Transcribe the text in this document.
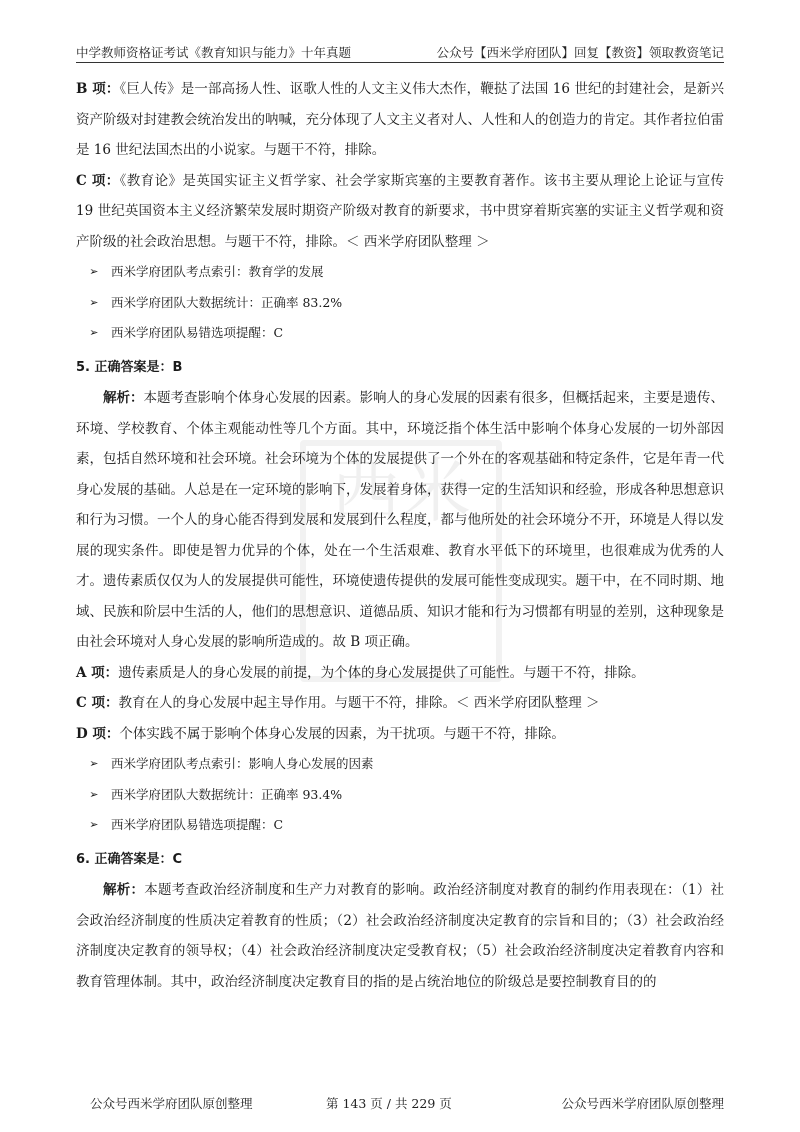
中学教师资格证考试《教育知识与能力》十年真题	公众号【西米学府团队】回复【教资】领取教资笔记
西米

B 项：《巨人传》是一部高扬人性、讴歌人性的人文主义伟大杰作，鞭挞了法国 16 世纪的封建社会，是新兴资产阶级对封建教会统治发出的呐喊，充分体现了人文主义者对人、人性和人的创造力的肯定。其作者拉伯雷是 16 世纪法国杰出的小说家。与题干不符，排除。

C 项：《教育论》是英国实证主义哲学家、社会学家斯宾塞的主要教育著作。该书主要从理论上论证与宣传 19 世纪英国资本主义经济繁荣发展时期资产阶级对教育的新要求，书中贯穿着斯宾塞的实证主义哲学观和资产阶级的社会政治思想。与题干不符，排除。＜ 西米学府团队整理 ＞

➢ 西米学府团队考点索引：教育学的发展

➢ 西米学府团队大数据统计：正确率 83.2%

➢ 西米学府团队易错选项提醒：C

5. 正确答案是：B

解析：本题考查影响个体身心发展的因素。影响人的身心发展的因素有很多，但概括起来，主要是遗传、环境、学校教育、个体主观能动性等几个方面。其中，环境泛指个体生活中影响个体身心发展的一切外部因素，包括自然环境和社会环境。社会环境为个体的发展提供了一个外在的客观基础和特定条件，它是年青一代身心发展的基础。人总是在一定环境的影响下，发展着身体，获得一定的生活知识和经验，形成各种思想意识和行为习惯。一个人的身心能否得到发展和发展到什么程度，都与他所处的社会环境分不开，环境是人得以发展的现实条件。即使是智力优异的个体，处在一个生活艰难、教育水平低下的环境里，也很难成为优秀的人才。遗传素质仅仅为人的发展提供可能性，环境使遗传提供的发展可能性变成现实。题干中，在不同时期、地域、民族和阶层中生活的人，他们的思想意识、道德品质、知识才能和行为习惯都有明显的差别，这种现象是由社会环境对人身心发展的影响所造成的。故 B 项正确。

A 项：遗传素质是人的身心发展的前提，为个体的身心发展提供了可能性。与题干不符，排除。

C 项：教育在人的身心发展中起主导作用。与题干不符，排除。＜ 西米学府团队整理 ＞

D 项：个体实践不属于影响个体身心发展的因素，为干扰项。与题干不符，排除。

➢ 西米学府团队考点索引：影响人身心发展的因素

➢ 西米学府团队大数据统计：正确率 93.4%

➢ 西米学府团队易错选项提醒：C

6. 正确答案是：C

解析：本题考查政治经济制度和生产力对教育的影响。政治经济制度对教育的制约作用表现在：（1）社会政治经济制度的性质决定着教育的性质；（2）社会政治经济制度决定教育的宗旨和目的；（3）社会政治经济制度决定教育的领导权；（4）社会政治经济制度决定受教育权；（5）社会政治经济制度决定着教育内容和教育管理体制。其中，政治经济制度决定教育目的指的是占统治地位的阶级总是要控制教育目的的

公众号西米学府团队原创整理	第 143 页 / 共 229 页	公众号西米学府团队原创整理
